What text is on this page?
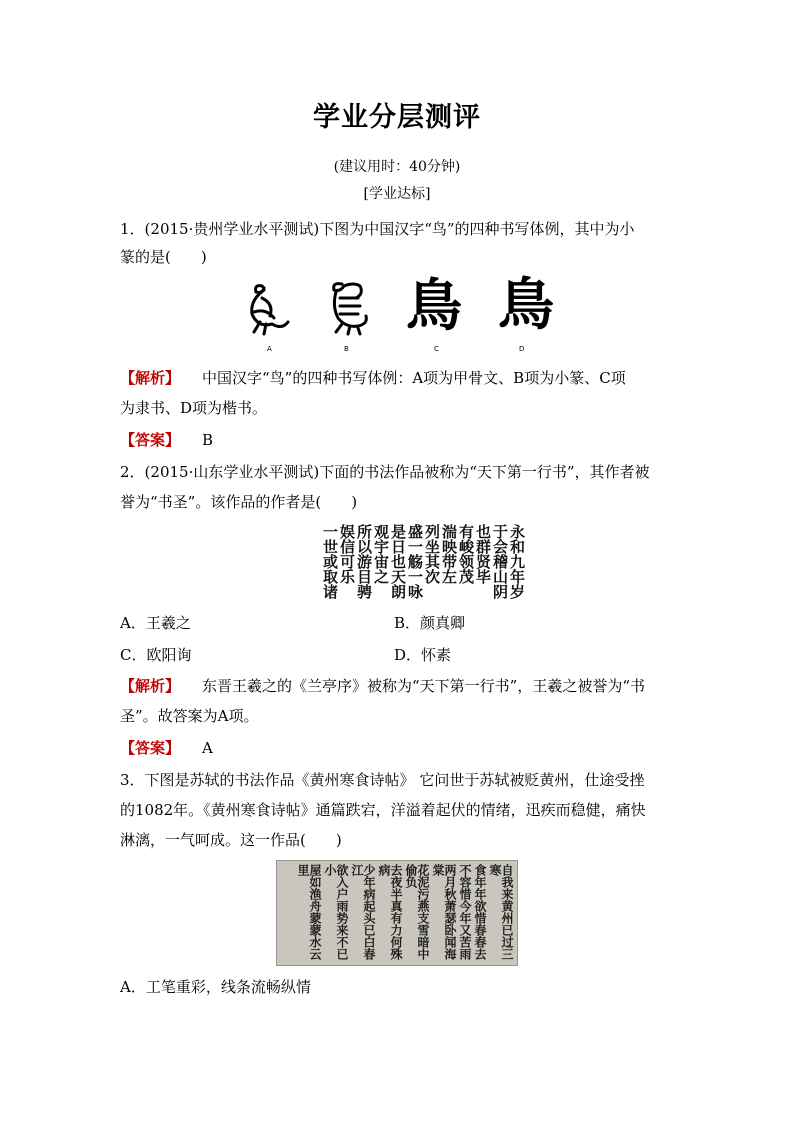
学业分层测评
(建议用时：40分钟)
[学业达标]
1．(2015·贵州学业水平测试)下图为中国汉字“鸟”的四种书写体例，其中为小
篆的是(　　)
鳥 鳥
A	B	C	D
【解析】 中国汉字“鸟”的四种书写体例：A项为甲骨文、B项为小篆、C项
为隶书、D项为楷书。
【答案】 B
2．(2015·山东学业水平测试)下面的书法作品被称为“天下第一行书”，其作者被
誉为“书圣”。该作品的作者是(　　)
永和九年岁
于会稽山阴
也群贤毕
有峻领茂
湍映带左
列坐其次
盛一觞一咏
是日也天朗
观宇宙之
所以游目骋
娱信可乐
一世或取诸
A．王羲之	B．颜真卿
C．欧阳询	D．怀素
【解析】 东晋王羲之的《兰亭序》被称为“天下第一行书”，王羲之被誉为“书
圣”。故答案为A项。
【答案】 A
3．下图是苏轼的书法作品《黄州寒食诗帖》 它问世于苏轼被贬黄州，仕途受挫
的1082年。《黄州寒食诗帖》通篇跌宕，洋溢着起伏的情绪，迅疾而稳健，痛快
淋漓，一气呵成。这一作品(　　)
自我来黄州已过三寒
食年年欲惜春春去
不容惜今年又苦雨
两月秋萧瑟卧闻海棠
花泥污燕支雪暗中偷负
去夜半真有力何殊病
少年病起头已白春江
欲入户雨势来不已小
屋如渔舟蒙蒙水云里
A．工笔重彩，线条流畅纵情
